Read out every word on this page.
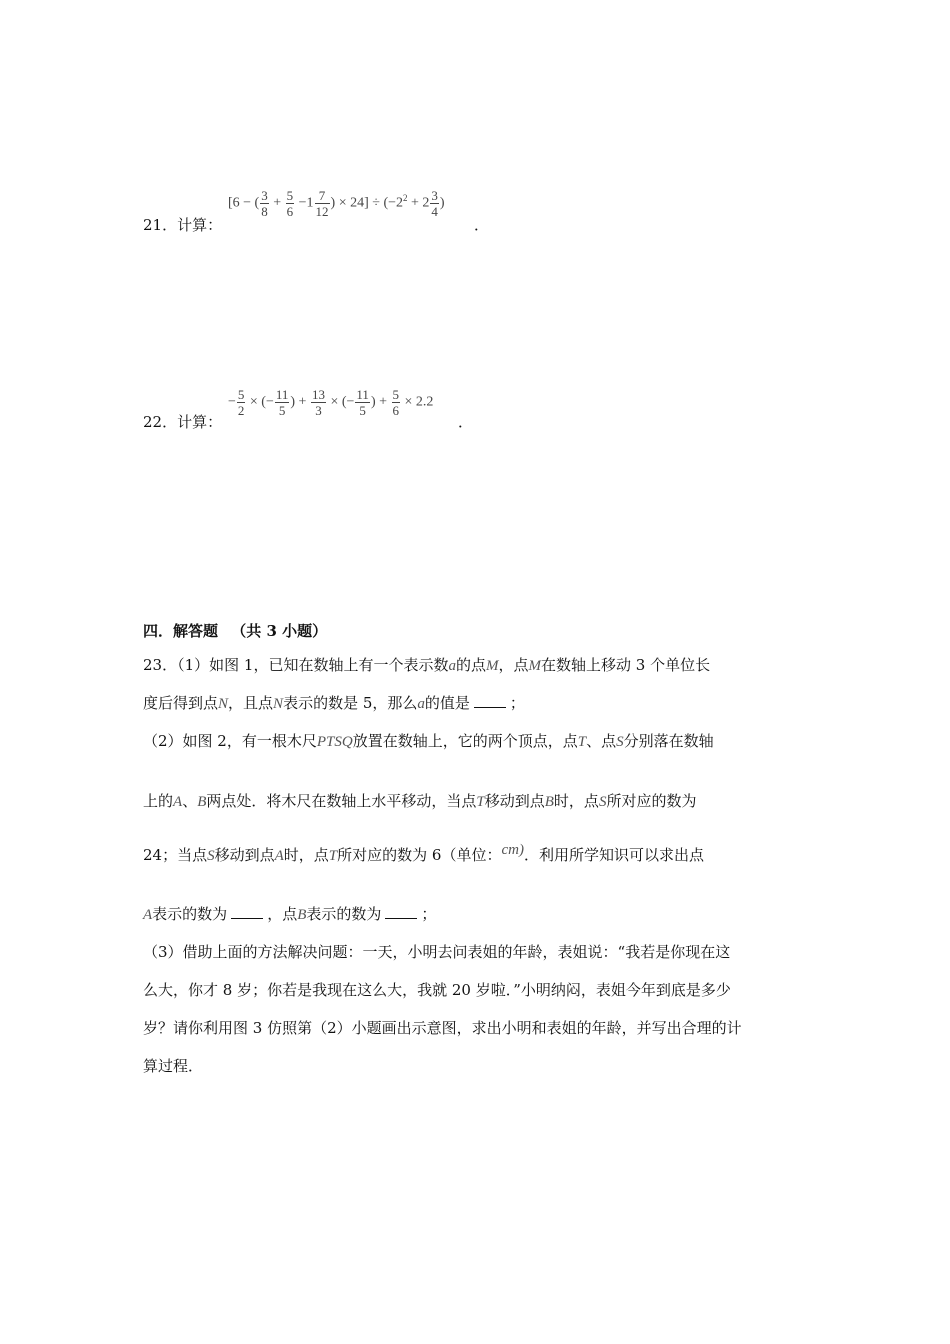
21．计算：
[6 − ( $\frac{3}{8} + \frac{5}{6} -1 \frac{7}{12}$ ) × $24] \div (-2^2 + 2 \frac{3}{4}$ )
．
22．计算：
− $\frac{5}{2}$ × (− $\frac{11}{5}$ ) + $\frac{13}{3}$ × (− $\frac{11}{5}$ ) + $\frac{5}{6} \times 2.2$
．
四．解答题 （共 3 小题）
23．（1）如图 1，已知在数轴上有一个表示数a的点M，点M在数轴上移动 3 个单位长
度后得到点N，且点N表示的数是 5，那么a的值是	；
（2）如图 2，有一根木尺PTSQ放置在数轴上，它的两个顶点，点T、点S分别落在数轴
上的A、B两点处．将木尺在数轴上水平移动，当点T移动到点B时，点S所对应的数为
24；当点S移动到点A时，点T所对应的数为 6（单位：cm)．利用所学知识可以求出点
A表示的数为	，点B表示的数为	；
（3）借助上面的方法解决问题：一天，小明去问表姐的年龄，表姐说：“我若是你现在这
么大，你才 8 岁；你若是我现在这么大，我就 20 岁啦．”小明纳闷，表姐今年到底是多少
岁？请你利用图 3 仿照第（2）小题画出示意图，求出小明和表姐的年龄，并写出合理的计
算过程．
